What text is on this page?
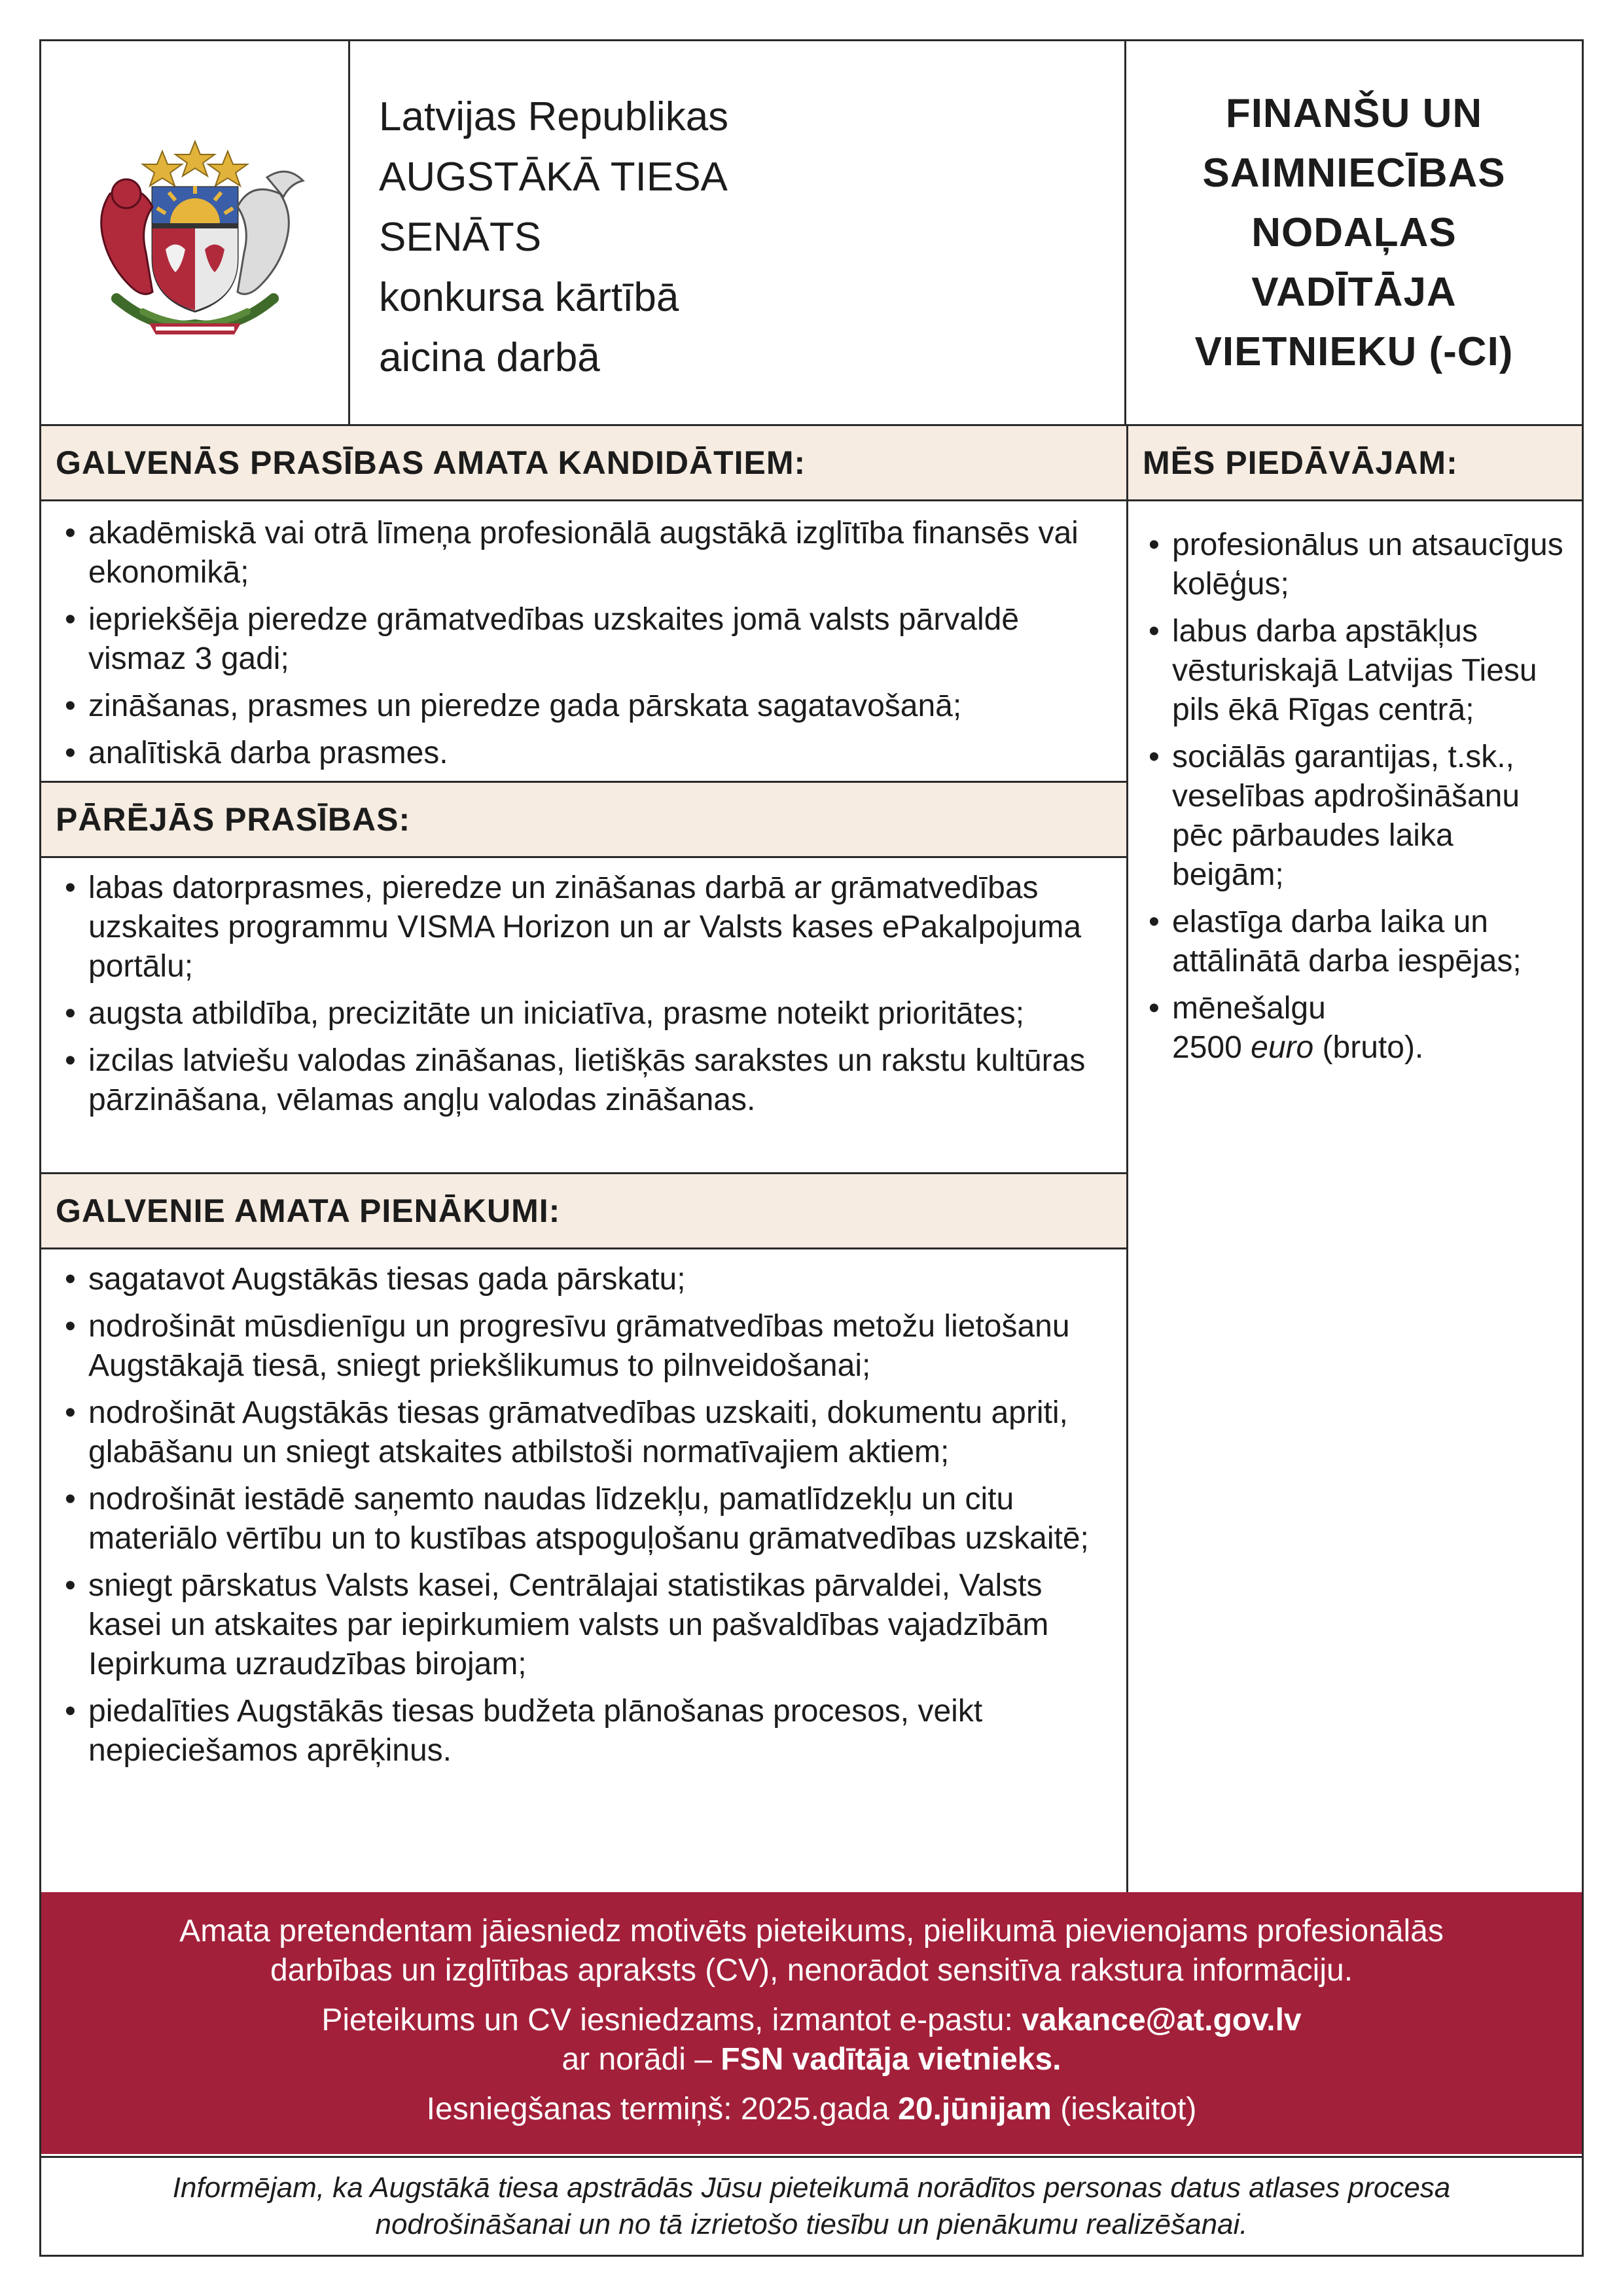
Latvijas Republikas
AUGSTĀKĀ TIESA
SENĀTS
konkursa kārtībā
aicina darbā
FINANŠU UN
SAIMNIECĪBAS
NODAĻAS
VADĪTĀJA
VIETNIEKU (-CI)
GALVENĀS PRASĪBAS AMATA KANDIDĀTIEM:
• akadēmiskā vai otrā līmeņa profesionālā augstākā izglītība finansēs vai ekonomikā;
• iepriekšēja pieredze grāmatvedības uzskaites jomā valsts pārvaldē vismaz 3 gadi;
• zināšanas, prasmes un pieredze gada pārskata sagatavošanā;
• analītiskā darba prasmes.
PĀRĒJĀS PRASĪBAS:
• labas datorprasmes, pieredze un zināšanas darbā ar grāmatvedības uzskaites programmu VISMA Horizon un ar Valsts kases ePakalpojuma portālu;
• augsta atbildība, precizitāte un iniciatīva, prasme noteikt prioritātes;
• izcilas latviešu valodas zināšanas, lietišķās sarakstes un rakstu kultūras pārzināšana, vēlamas angļu valodas zināšanas.
GALVENIE AMATA PIENĀKUMI:
• sagatavot Augstākās tiesas gada pārskatu;
• nodrošināt mūsdienīgu un progresīvu grāmatvedības metožu lietošanu Augstākajā tiesā, sniegt priekšlikumus to pilnveidošanai;
• nodrošināt Augstākās tiesas grāmatvedības uzskaiti, dokumentu apriti, glabāšanu un sniegt atskaites atbilstoši normatīvajiem aktiem;
• nodrošināt iestādē saņemto naudas līdzekļu, pamatlīdzekļu un citu materiālo vērtību un to kustības atspoguļošanu grāmatvedības uzskaitē;
• sniegt pārskatus Valsts kasei, Centrālajai statistikas pārvaldei, Valsts kasei un atskaites par iepirkumiem valsts un pašvaldības vajadzībām Iepirkuma uzraudzības birojam;
• piedalīties Augstākās tiesas budžeta plānošanas procesos, veikt nepieciešamos aprēķinus.
MĒS PIEDĀVĀJAM:
• profesionālus un atsaucīgus kolēģus;
• labus darba apstākļus vēsturiskajā Latvijas Tiesu pils ēkā Rīgas centrā;
• sociālās garantijas, t.sk., veselības apdrošināšanu pēc pārbaudes laika beigām;
• elastīga darba laika un attālinātā darba iespējas;
• mēnešalgu
2500 euro (bruto).
Amata pretendentam jāiesniedz motivēts pieteikums, pielikumā pievienojams profesionālās
darbības un izglītības apraksts (CV), nenorādot sensitīva rakstura informāciju.
Pieteikums un CV iesniedzams, izmantot e-pastu: vakance@at.gov.lv
ar norādi – FSN vadītāja vietnieks.
Iesniegšanas termiņš: 2025.gada 20.jūnijam (ieskaitot)
Informējam, ka Augstākā tiesa apstrādās Jūsu pieteikumā norādītos personas datus atlases procesa
nodrošināšanai un no tā izrietošo tiesību un pienākumu realizēšanai.
